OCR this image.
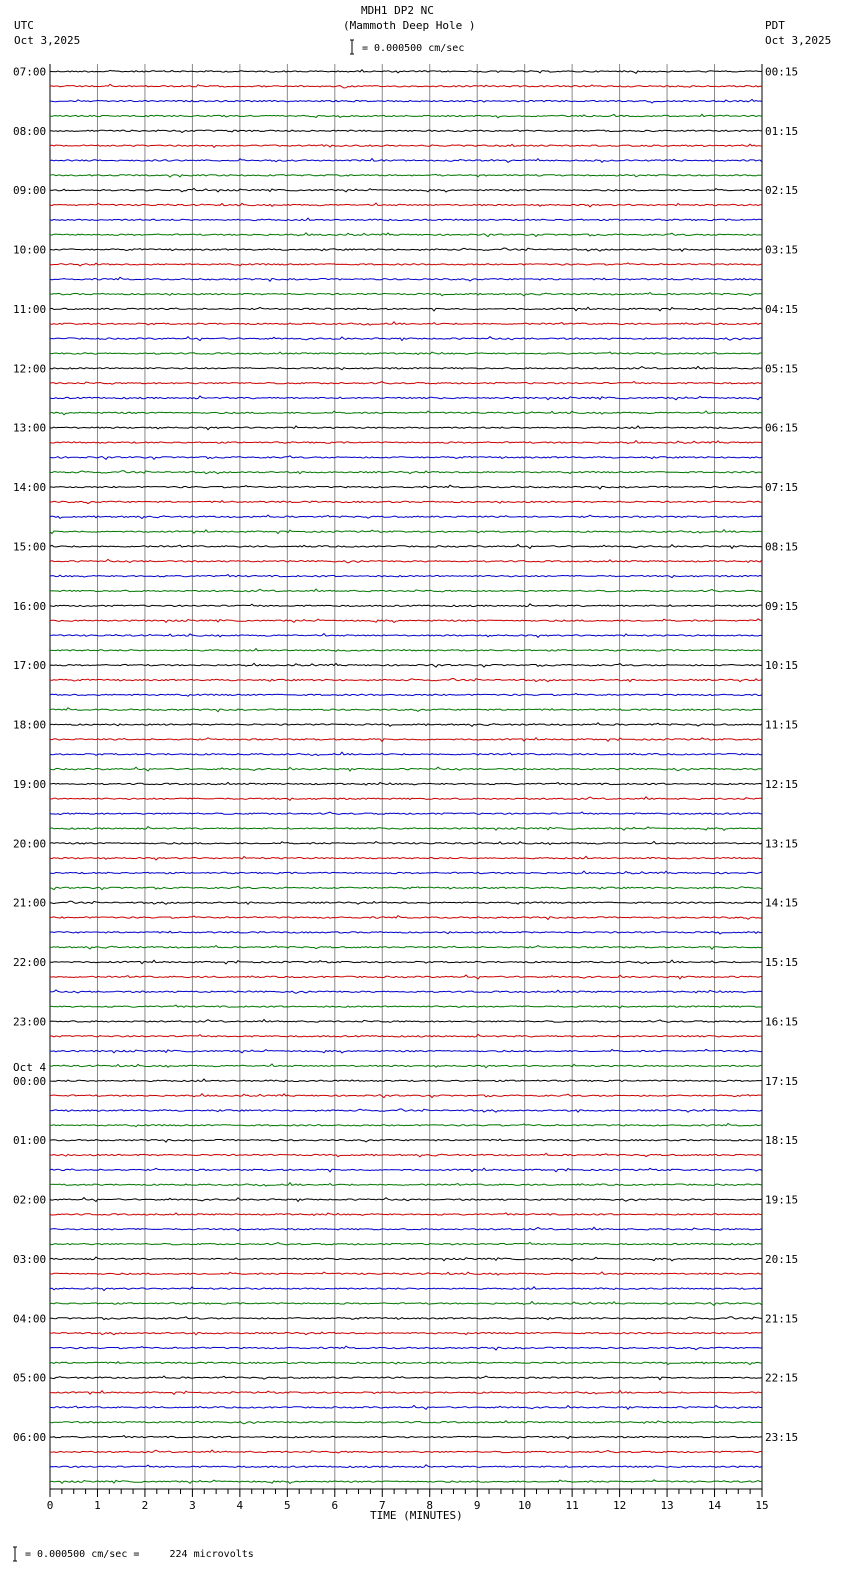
MDH1 DP2 NC
(Mammoth Deep Hole )
UTC
Oct 3,2025
PDT
Oct 3,2025
= 0.000500 cm/sec
= 0.000500 cm/sec =     224 microvolts
TIME (MINUTES)
07:00
08:00
09:00
10:00
11:00
12:00
13:00
14:00
15:00
16:00
17:00
18:00
19:00
20:00
21:00
22:00
23:00
00:00
Oct 4
01:00
02:00
03:00
04:00
05:00
06:00
00:15
01:15
02:15
03:15
04:15
05:15
06:15
07:15
08:15
09:15
10:15
11:15
12:15
13:15
14:15
15:15
16:15
17:15
18:15
19:15
20:15
21:15
22:15
23:15
0	1	2	3	4	5	6	7	8	9	10	11	12	13	14	15
